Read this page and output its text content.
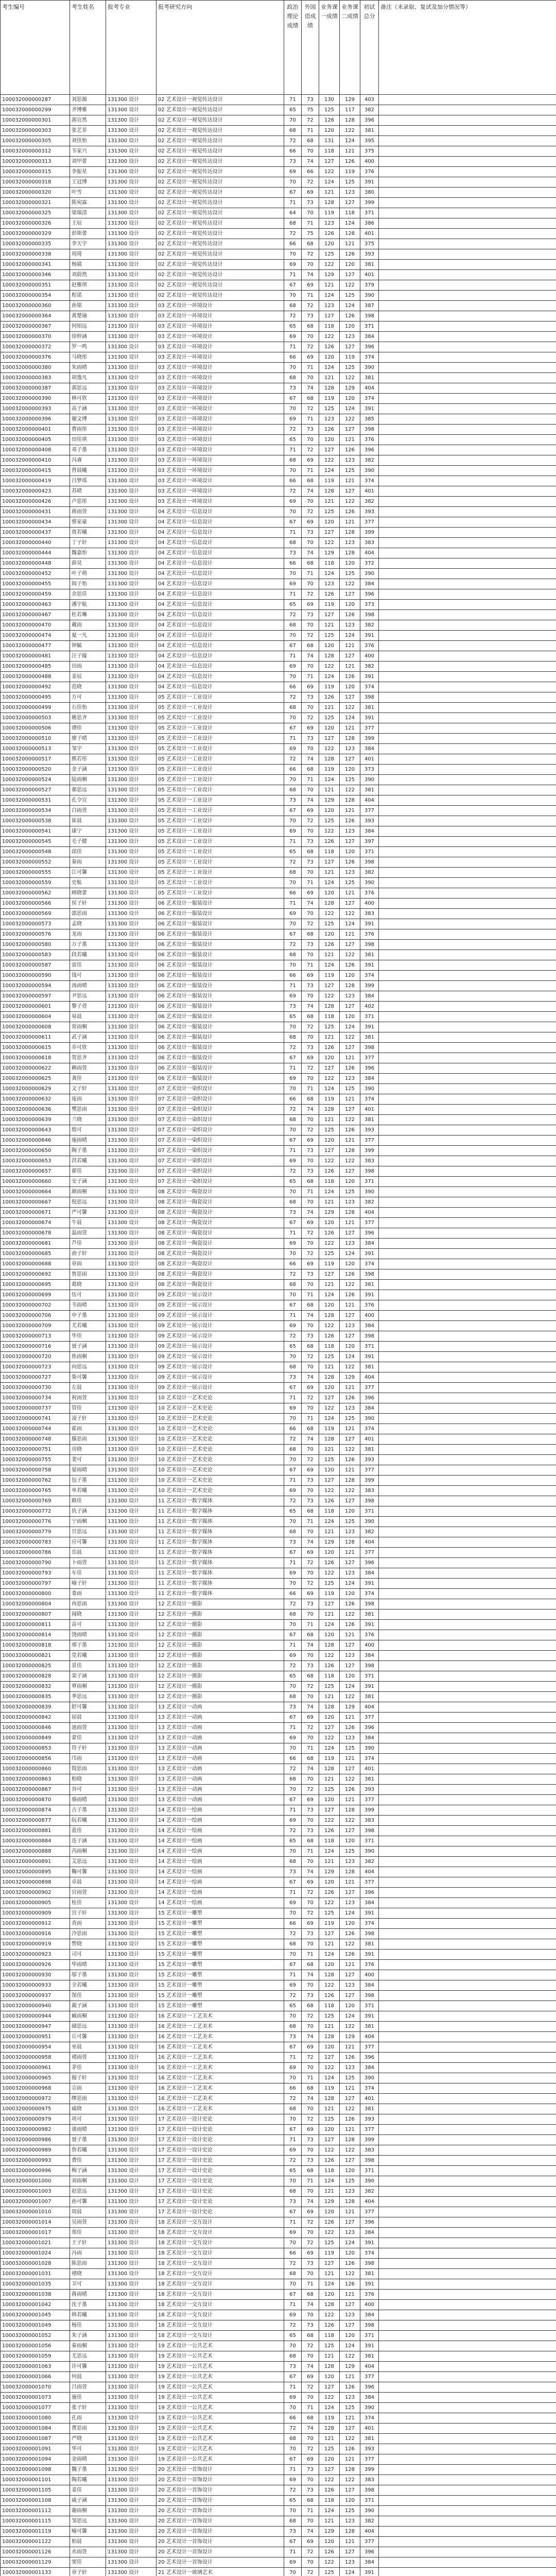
考生编号	考生姓名	报考专业	报考研究方向	政治理论成绩	外国语成绩	业务课一成绩	业务课二成绩	初试总分	备注（未录取、复试及加分情况等）
100032000000287	刘思源	131300 设计	02 艺术设计一视觉传达设计	71	73	130	129	403	
100032000000299	齐博雅	131300 设计	02 艺术设计一视觉传达设计	65	75	125	117	382	
100032000000301	郭宜然	131300 设计	02 艺术设计一视觉传达设计	70	72	126	128	396	
100032000000303	张艺菲	131300 设计	02 艺术设计一视觉传达设计	68	71	120	122	381	
100032000000305	刘佳怡	131300 设计	02 艺术设计一视觉传达设计	72	68	131	124	395	
100032000000312	韦家兴	131300 设计	02 艺术设计一视觉传达设计	66	70	118	121	375	
100032000000313	刘甲蕾	131300 设计	02 艺术设计一视觉传达设计	73	74	127	126	400	
100032000000315	李振星	131300 设计	02 艺术设计一视觉传达设计	69	66	122	119	376	
100032000000318	王冠博	131300 设计	02 艺术设计一视觉传达设计	70	72	124	125	391	
100032000000320	叶雪	131300 设计	02 艺术设计一视觉传达设计	67	69	121	123	380	
100032000000321	陈宛霖	131300 设计	02 艺术设计一视觉传达设计	71	73	128	127	399	
100032000000325	梁瑞清	131300 设计	02 艺术设计一视觉传达设计	64	70	119	118	371	
100032000000326	王辰	131300 设计	02 艺术设计一视觉传达设计	68	71	123	124	386	
100032000000329	彭斯蕾	131300 设计	02 艺术设计一视觉传达设计	72	75	126	128	401	
100032000000335	李天宇	131300 设计	02 艺术设计一视觉传达设计	66	68	120	121	375	
100032000000338	周琦	131300 设计	02 艺术设计一视觉传达设计	70	72	125	126	393	
100032000000341	杨婧	131300 设计	02 艺术设计一视觉传达设计	69	70	122	120	381	
100032000000346	刘蔚然	131300 设计	02 艺术设计一视觉传达设计	71	74	129	127	401	
100032000000351	赵雅琪	131300 设计	02 艺术设计一视觉传达设计	67	69	121	122	379	
100032000000354	程诺	131300 设计	02 艺术设计一视觉传达设计	70	71	124	125	390	
100032000000360	孙铭	131300 设计	03 艺术设计一环境设计	68	72	123	124	387	
100032000000364	黄楚瑜	131300 设计	03 艺术设计一环境设计	72	73	127	126	398	
100032000000367	何知远	131300 设计	03 艺术设计一环境设计	65	68	118	120	371	
100032000000370	徐梓涵	131300 设计	03 艺术设计一环境设计	69	70	122	123	384	
100032000000372	罗一鸣	131300 设计	03 艺术设计一环境设计	71	72	126	127	396	
100032000000376	马晓彤	131300 设计	03 艺术设计一环境设计	66	69	120	119	374	
100032000000380	朱雨晴	131300 设计	03 艺术设计一环境设计	70	71	124	125	390	
100032000000383	胡逸凡	131300 设计	03 艺术设计一环境设计	68	70	121	122	381	
100032000000387	郭思远	131300 设计	03 艺术设计一环境设计	73	74	128	129	404	
100032000000390	林可欣	131300 设计	03 艺术设计一环境设计	67	68	119	120	374	
100032000000393	高子涵	131300 设计	03 艺术设计一环境设计	70	72	125	124	391	
100032000000396	谢文博	131300 设计	03 艺术设计一环境设计	69	71	123	122	385	
100032000000401	曹雨彤	131300 设计	03 艺术设计一环境设计	72	73	126	127	398	
100032000000405	田佳琪	131300 设计	03 艺术设计一环境设计	65	70	120	121	376	
100032000000408	邓子墨	131300 设计	03 艺术设计一环境设计	71	72	127	126	396	
100032000000410	冯睿	131300 设计	03 艺术设计一环境设计	68	69	122	123	382	
100032000000415	曾晨曦	131300 设计	03 艺术设计一环境设计	70	71	124	125	390	
100032000000419	吕梦瑶	131300 设计	03 艺术设计一环境设计	66	68	119	121	374	
100032000000423	苏晴	131300 设计	03 艺术设计一环境设计	72	74	128	127	401	
100032000000426	卢思彤	131300 设计	03 艺术设计一环境设计	69	70	121	122	382	
100032000000431	蒋雨萱	131300 设计	04 艺术设计一信息设计	70	72	125	126	393	
100032000000434	蔡家豪	131300 设计	04 艺术设计一信息设计	67	69	120	121	377	
100032000000437	贾若曦	131300 设计	04 艺术设计一信息设计	71	73	127	128	399	
100032000000440	丁子轩	131300 设计	04 艺术设计一信息设计	68	70	122	123	383	
100032000000444	魏嘉怡	131300 设计	04 艺术设计一信息设计	73	74	129	128	404	
100032000000448	薛昊	131300 设计	04 艺术设计一信息设计	66	68	118	120	372	
100032000000452	叶子萌	131300 设计	04 艺术设计一信息设计	70	71	124	125	390	
100032000000455	阎子怡	131300 设计	04 艺术设计一信息设计	69	70	123	122	384	
100032000000459	余思佳	131300 设计	04 艺术设计一信息设计	71	72	126	127	396	
100032000000463	潘宇航	131300 设计	04 艺术设计一信息设计	65	69	119	120	373	
100032000000467	杜若琳	131300 设计	04 艺术设计一信息设计	72	73	127	126	398	
100032000000470	戴雨	131300 设计	04 艺术设计一信息设计	68	70	121	123	382	
100032000000474	夏一凡	131300 设计	04 艺术设计一信息设计	70	72	125	124	391	
100032000000477	钟毓	131300 设计	04 艺术设计一信息设计	67	68	120	121	376	
100032000000481	汪子璇	131300 设计	04 艺术设计一信息设计	71	74	128	127	400	
100032000000485	田雨	131300 设计	04 艺术设计一信息设计	69	70	122	121	382	
100032000000488	姜辰	131300 设计	04 艺术设计一信息设计	70	71	124	126	391	
100032000000492	范晓	131300 设计	04 艺术设计一信息设计	66	69	119	120	374	
100032000000495	方可	131300 设计	05 艺术设计一工业设计	72	73	126	127	398	
100032000000499	石佳怡	131300 设计	05 艺术设计一工业设计	68	70	121	122	381	
100032000000503	姚思齐	131300 设计	05 艺术设计一工业设计	70	72	125	124	391	
100032000000506	谭佳	131300 设计	05 艺术设计一工业设计	67	69	120	121	377	
100032000000510	廖子晴	131300 设计	05 艺术设计一工业设计	71	73	127	128	399	
100032000000513	邹宇	131300 设计	05 艺术设计一工业设计	69	70	122	123	384	
100032000000517	熊若彤	131300 设计	05 艺术设计一工业设计	72	74	128	127	401	
100032000000520	金子涵	131300 设计	05 艺术设计一工业设计	66	68	119	120	373	
100032000000524	陆雨桐	131300 设计	05 艺术设计一工业设计	70	71	124	125	390	
100032000000527	郝思远	131300 设计	05 艺术设计一工业设计	68	70	121	122	381	
100032000000531	孔令宜	131300 设计	05 艺术设计一工业设计	73	74	129	128	404	
100032000000534	白雨萱	131300 设计	05 艺术设计一工业设计	67	69	120	121	377	
100032000000538	崔晨	131300 设计	05 艺术设计一工业设计	70	72	125	126	393	
100032000000541	康宁	131300 设计	05 艺术设计一工业设计	69	70	122	123	384	
100032000000545	毛子健	131300 设计	05 艺术设计一工业设计	71	73	126	127	397	
100032000000548	邱佳	131300 设计	05 艺术设计一工业设计	65	68	118	120	371	
100032000000552	秦雨	131300 设计	05 艺术设计一工业设计	72	73	127	126	398	
100032000000555	江可馨	131300 设计	05 艺术设计一工业设计	68	70	121	123	382	
100032000000559	史航	131300 设计	05 艺术设计一工业设计	70	71	124	125	390	
100032000000562	顾晓蕾	131300 设计	05 艺术设计一工业设计	66	69	120	121	376	
100032000000566	侯子轩	131300 设计	06 艺术设计一服装设计	71	74	128	127	400	
100032000000569	邵思雨	131300 设计	06 艺术设计一服装设计	69	70	122	122	383	
100032000000573	孟晓	131300 设计	06 艺术设计一服装设计	70	72	125	124	391	
100032000000576	龙雨	131300 设计	06 艺术设计一服装设计	67	68	120	121	376	
100032000000580	万子墨	131300 设计	06 艺术设计一服装设计	72	73	126	127	398	
100032000000583	段若曦	131300 设计	06 艺术设计一服装设计	68	70	121	122	381	
100032000000587	雷佳	131300 设计	06 艺术设计一服装设计	70	71	124	126	391	
100032000000590	钱可	131300 设计	06 艺术设计一服装设计	66	69	119	120	374	
100032000000594	汤雨晴	131300 设计	06 艺术设计一服装设计	71	73	127	128	399	
100032000000597	尹思远	131300 设计	06 艺术设计一服装设计	69	70	122	123	384	
100032000000601	黎子萱	131300 设计	06 艺术设计一服装设计	73	74	128	127	402	
100032000000604	易晨	131300 设计	06 艺术设计一服装设计	65	68	118	120	371	
100032000000608	常雨桐	131300 设计	06 艺术设计一服装设计	70	72	125	124	391	
100032000000611	武子涵	131300 设计	06 艺术设计一服装设计	68	70	121	122	381	
100032000000615	乔可欣	131300 设计	06 艺术设计一服装设计	72	73	126	127	398	
100032000000618	贺思齐	131300 设计	06 艺术设计一服装设计	67	69	120	121	377	
100032000000622	赖雨萱	131300 设计	06 艺术设计一服装设计	71	72	127	126	396	
100032000000625	龚佳	131300 设计	06 艺术设计一服装设计	69	70	122	123	384	
100032000000629	文子轩	131300 设计	07 艺术设计一染织设计	70	71	124	125	390	
100032000000632	庞雨	131300 设计	07 艺术设计一染织设计	66	68	119	121	374	
100032000000636	樊思雨	131300 设计	07 艺术设计一染织设计	72	74	128	127	401	
100032000000639	兰晓	131300 设计	07 艺术设计一染织设计	68	70	121	122	381	
100032000000643	殷可	131300 设计	07 艺术设计一染织设计	70	72	125	126	393	
100032000000646	施雨晴	131300 设计	07 艺术设计一染织设计	67	69	120	121	377	
100032000000650	陶子墨	131300 设计	07 艺术设计一染织设计	71	73	127	128	399	
100032000000653	洪若曦	131300 设计	07 艺术设计一染织设计	69	70	122	122	383	
100032000000657	翟佳	131300 设计	07 艺术设计一染织设计	72	73	126	127	398	
100032000000660	安子涵	131300 设计	07 艺术设计一染织设计	65	68	118	120	371	
100032000000664	颜雨桐	131300 设计	08 艺术设计一陶瓷设计	70	71	124	125	390	
100032000000667	倪思远	131300 设计	08 艺术设计一陶瓷设计	68	70	121	123	382	
100032000000671	严可馨	131300 设计	08 艺术设计一陶瓷设计	73	74	129	128	404	
100032000000674	牛晨	131300 设计	08 艺术设计一陶瓷设计	67	69	120	121	377	
100032000000678	温雨萱	131300 设计	08 艺术设计一陶瓷设计	71	72	126	127	396	
100032000000681	芦佳	131300 设计	08 艺术设计一陶瓷设计	69	70	122	123	384	
100032000000685	俞子轩	131300 设计	08 艺术设计一陶瓷设计	70	72	125	124	391	
100032000000688	章雨	131300 设计	08 艺术设计一陶瓷设计	66	69	119	120	374	
100032000000692	鲁思雨	131300 设计	08 艺术设计一陶瓷设计	72	73	127	126	398	
100032000000695	葛晓	131300 设计	08 艺术设计一陶瓷设计	68	70	121	122	381	
100032000000699	伍可	131300 设计	09 艺术设计一展示设计	70	71	124	126	391	
100032000000702	韦雨晴	131300 设计	09 艺术设计一展示设计	67	68	120	121	376	
100032000000706	申子墨	131300 设计	09 艺术设计一展示设计	71	74	128	127	400	
100032000000709	尤若曦	131300 设计	09 艺术设计一展示设计	69	70	122	123	384	
100032000000713	毕佳	131300 设计	09 艺术设计一展示设计	72	73	126	127	398	
100032000000716	聂子涵	131300 设计	09 艺术设计一展示设计	65	68	118	120	371	
100032000000720	焦雨桐	131300 设计	09 艺术设计一展示设计	70	72	125	124	391	
100032000000723	向思远	131300 设计	09 艺术设计一展示设计	68	70	121	122	381	
100032000000727	柴可馨	131300 设计	09 艺术设计一展示设计	73	74	128	129	404	
100032000000730	左晨	131300 设计	09 艺术设计一展示设计	67	69	120	121	377	
100032000000734	祝雨萱	131300 设计	10 艺术设计一艺术史论	71	72	127	126	396	
100032000000737	管佳	131300 设计	10 艺术设计一艺术史论	69	70	122	123	384	
100032000000741	凌子轩	131300 设计	10 艺术设计一艺术史论	70	71	124	125	390	
100032000000744	霍雨	131300 设计	10 艺术设计一艺术史论	66	68	119	121	374	
100032000000748	滕思雨	131300 设计	10 艺术设计一艺术史论	72	74	128	127	401	
100032000000751	房晓	131300 设计	10 艺术设计一艺术史论	68	70	121	122	381	
100032000000755	裴可	131300 设计	10 艺术设计一艺术史论	70	72	125	126	393	
100032000000758	晏雨晴	131300 设计	10 艺术设计一艺术史论	67	69	120	121	377	
100032000000762	包子墨	131300 设计	10 艺术设计一艺术史论	71	73	127	128	399	
100032000000765	单若曦	131300 设计	10 艺术设计一艺术史论	69	70	122	122	383	
100032000000769	路佳	131300 设计	11 艺术设计一数字媒体	72	73	126	127	398	
100032000000772	仇子涵	131300 设计	11 艺术设计一数字媒体	65	68	118	120	371	
100032000000776	宁雨桐	131300 设计	11 艺术设计一数字媒体	70	71	124	125	390	
100032000000779	甘思远	131300 设计	11 艺术设计一数字媒体	68	70	121	123	382	
100032000000783	应可馨	131300 设计	11 艺术设计一数字媒体	73	74	129	128	404	
100032000000786	岳晨	131300 设计	11 艺术设计一数字媒体	67	69	120	121	377	
100032000000790	卜雨萱	131300 设计	11 艺术设计一数字媒体	71	72	126	127	396	
100032000000793	车佳	131300 设计	11 艺术设计一数字媒体	69	70	122	123	384	
100032000000797	喻子轩	131300 设计	11 艺术设计一数字媒体	70	72	125	124	391	
100032000000800	娄雨	131300 设计	11 艺术设计一数字媒体	66	69	119	120	374	
100032000000804	冉思雨	131300 设计	12 艺术设计一摄影	72	73	127	126	398	
100032000000807	闻晓	131300 设计	12 艺术设计一摄影	68	70	121	122	381	
100032000000811	苗可	131300 设计	12 艺术设计一摄影	70	71	124	126	391	
100032000000814	饶雨晴	131300 设计	12 艺术设计一摄影	67	68	120	121	376	
100032000000818	邢子墨	131300 设计	12 艺术设计一摄影	71	74	128	127	400	
100032000000821	党若曦	131300 设计	12 艺术设计一摄影	69	70	122	123	384	
100032000000825	景佳	131300 设计	12 艺术设计一摄影	72	73	126	127	398	
100032000000828	栾子涵	131300 设计	12 艺术设计一摄影	65	68	118	120	371	
100032000000832	覃雨桐	131300 设计	12 艺术设计一摄影	70	72	125	124	391	
100032000000835	季思远	131300 设计	12 艺术设计一摄影	68	70	121	122	381	
100032000000839	舒可馨	131300 设计	13 艺术设计一动画	73	74	128	129	404	
100032000000842	屈晨	131300 设计	13 艺术设计一动画	67	69	120	121	377	
100032000000846	池雨萱	131300 设计	13 艺术设计一动画	71	72	127	126	396	
100032000000849	蒙佳	131300 设计	13 艺术设计一动画	69	70	122	123	384	
100032000000853	符子轩	131300 设计	13 艺术设计一动画	70	71	124	125	390	
100032000000856	邝雨	131300 设计	13 艺术设计一动画	66	68	119	121	374	
100032000000860	简思雨	131300 设计	13 艺术设计一动画	72	74	128	127	401	
100032000000863	柏晓	131300 设计	13 艺术设计一动画	68	70	121	122	381	
100032000000867	谷可	131300 设计	13 艺术设计一动画	70	72	125	126	393	
100032000000870	骆雨晴	131300 设计	13 艺术设计一动画	67	69	120	121	377	
100032000000874	古子墨	131300 设计	14 艺术设计一绘画	71	73	127	128	399	
100032000000877	阮若曦	131300 设计	14 艺术设计一绘画	69	70	122	122	383	
100032000000881	蓝佳	131300 设计	14 艺术设计一绘画	72	73	126	127	398	
100032000000884	连子涵	131300 设计	14 艺术设计一绘画	65	68	118	120	371	
100032000000888	芮雨桐	131300 设计	14 艺术设计一绘画	70	71	124	125	390	
100032000000891	艾思远	131300 设计	14 艺术设计一绘画	68	70	121	123	382	
100032000000895	鞠可馨	131300 设计	14 艺术设计一绘画	73	74	129	128	404	
100032000000898	卓晨	131300 设计	14 艺术设计一绘画	67	69	120	121	377	
100032000000902	官雨萱	131300 设计	14 艺术设计一绘画	71	72	126	127	396	
100032000000905	桂佳	131300 设计	14 艺术设计一绘画	69	70	122	123	384	
100032000000909	宫子轩	131300 设计	15 艺术设计一雕塑	70	72	125	124	391	
100032000000912	查雨	131300 设计	15 艺术设计一雕塑	66	69	119	120	374	
100032000000916	冷思雨	131300 设计	15 艺术设计一雕塑	72	73	127	126	398	
100032000000919	訾晓	131300 设计	15 艺术设计一雕塑	68	70	121	122	381	
100032000000923	司可	131300 设计	15 艺术设计一雕塑	70	71	124	126	391	
100032000000926	华雨晴	131300 设计	15 艺术设计一雕塑	67	68	120	121	376	
100032000000930	邬子墨	131300 设计	15 艺术设计一雕塑	71	74	128	127	400	
100032000000933	全若曦	131300 设计	15 艺术设计一雕塑	69	70	122	123	384	
100032000000937	郜佳	131300 设计	15 艺术设计一雕塑	72	73	126	127	398	
100032000000940	蔺子涵	131300 设计	15 艺术设计一雕塑	65	68	118	120	371	
100032000000944	臧雨桐	131300 设计	16 艺术设计一工艺美术	70	72	125	124	391	
100032000000947	储思远	131300 设计	16 艺术设计一工艺美术	68	70	121	122	381	
100032000000951	丘可馨	131300 设计	16 艺术设计一工艺美术	73	74	128	129	404	
100032000000954	巫晨	131300 设计	16 艺术设计一工艺美术	67	69	120	121	377	
100032000000958	褚雨萱	131300 设计	16 艺术设计一工艺美术	71	72	127	126	396	
100032000000961	茅佳	131300 设计	16 艺术设计一工艺美术	69	70	122	123	384	
100032000000965	揭子轩	131300 设计	16 艺术设计一工艺美术	70	71	124	125	390	
100032000000968	宗雨	131300 设计	16 艺术设计一工艺美术	66	68	119	121	374	
100032000000972	缪思雨	131300 设计	16 艺术设计一工艺美术	72	74	128	127	401	
100032000000975	戚晓	131300 设计	16 艺术设计一工艺美术	68	70	121	122	381	
100032000000979	巩可	131300 设计	17 艺术设计一设计史论	70	72	125	126	393	
100032000000982	谈雨晴	131300 设计	17 艺术设计一设计史论	67	69	120	121	377	
100032000000986	聂子墨	131300 设计	17 艺术设计一设计史论	71	73	127	128	399	
100032000000989	詹若曦	131300 设计	17 艺术设计一设计史论	69	70	122	122	383	
100032000000993	费佳	131300 设计	17 艺术设计一设计史论	72	73	126	127	398	
100032000000996	梅子涵	131300 设计	17 艺术设计一设计史论	65	68	118	120	371	
100032000001000	刘雨桐	131300 设计	17 艺术设计一设计史论	70	71	124	125	390	
100032000001003	赵思远	131300 设计	17 艺术设计一设计史论	68	70	121	123	382	
100032000001007	孙可馨	131300 设计	17 艺术设计一设计史论	73	74	129	128	404	
100032000001010	周晨	131300 设计	17 艺术设计一设计史论	67	69	120	121	377	
100032000001014	吴雨萱	131300 设计	18 艺术设计一交互设计	71	72	126	127	396	
100032000001017	郑佳	131300 设计	18 艺术设计一交互设计	69	70	122	123	384	
100032000001021	王子轩	131300 设计	18 艺术设计一交互设计	70	72	125	124	391	
100032000001024	冯雨	131300 设计	18 艺术设计一交互设计	66	69	119	120	374	
100032000001028	陈思雨	131300 设计	18 艺术设计一交互设计	72	73	127	126	398	
100032000001031	褚晓	131300 设计	18 艺术设计一交互设计	68	70	121	122	381	
100032000001035	卫可	131300 设计	18 艺术设计一交互设计	70	71	124	126	391	
100032000001038	蒋雨晴	131300 设计	18 艺术设计一交互设计	67	68	120	121	376	
100032000001042	沈子墨	131300 设计	18 艺术设计一交互设计	71	74	128	127	400	
100032000001045	韩若曦	131300 设计	18 艺术设计一交互设计	69	70	122	123	384	
100032000001049	杨佳	131300 设计	18 艺术设计一交互设计	72	73	126	127	398	
100032000001052	朱子涵	131300 设计	18 艺术设计一交互设计	65	68	118	120	371	
100032000001056	秦雨桐	131300 设计	19 艺术设计一公共艺术	70	72	125	124	391	
100032000001059	尤思远	131300 设计	19 艺术设计一公共艺术	68	70	121	122	381	
100032000001063	许可馨	131300 设计	19 艺术设计一公共艺术	73	74	128	129	404	
100032000001066	何晨	131300 设计	19 艺术设计一公共艺术	67	69	120	121	377	
100032000001070	吕雨萱	131300 设计	19 艺术设计一公共艺术	71	72	127	126	396	
100032000001073	施佳	131300 设计	19 艺术设计一公共艺术	69	70	122	123	384	
100032000001077	张子轩	131300 设计	19 艺术设计一公共艺术	70	71	124	125	390	
100032000001080	孔雨	131300 设计	19 艺术设计一公共艺术	66	68	119	121	374	
100032000001084	曹思雨	131300 设计	19 艺术设计一公共艺术	72	74	128	127	401	
100032000001087	严晓	131300 设计	19 艺术设计一公共艺术	68	70	121	122	381	
100032000001091	华可	131300 设计	19 艺术设计一公共艺术	70	72	125	126	393	
100032000001094	金雨晴	131300 设计	19 艺术设计一公共艺术	67	69	120	121	377	
100032000001098	魏子墨	131300 设计	20 艺术设计一首饰设计	71	73	127	128	399	
100032000001101	陶若曦	131300 设计	20 艺术设计一首饰设计	69	70	122	122	383	
100032000001105	姜佳	131300 设计	20 艺术设计一首饰设计	72	73	126	127	398	
100032000001108	戚子涵	131300 设计	20 艺术设计一首饰设计	65	68	118	120	371	
100032000001112	谢雨桐	131300 设计	20 艺术设计一首饰设计	70	71	124	125	390	
100032000001115	邹思远	131300 设计	20 艺术设计一首饰设计	68	70	121	123	382	
100032000001119	喻可馨	131300 设计	20 艺术设计一首饰设计	73	74	129	128	404	
100032000001122	柏晨	131300 设计	20 艺术设计一首饰设计	67	69	120	121	377	
100032000001126	水雨萱	131300 设计	20 艺术设计一首饰设计	71	72	126	127	396	
100032000001129	窦佳	131300 设计	20 艺术设计一首饰设计	69	70	122	123	384	
100032000001133	章子轩	131300 设计	21 艺术设计一玻璃艺术	70	72	125	124	391	
